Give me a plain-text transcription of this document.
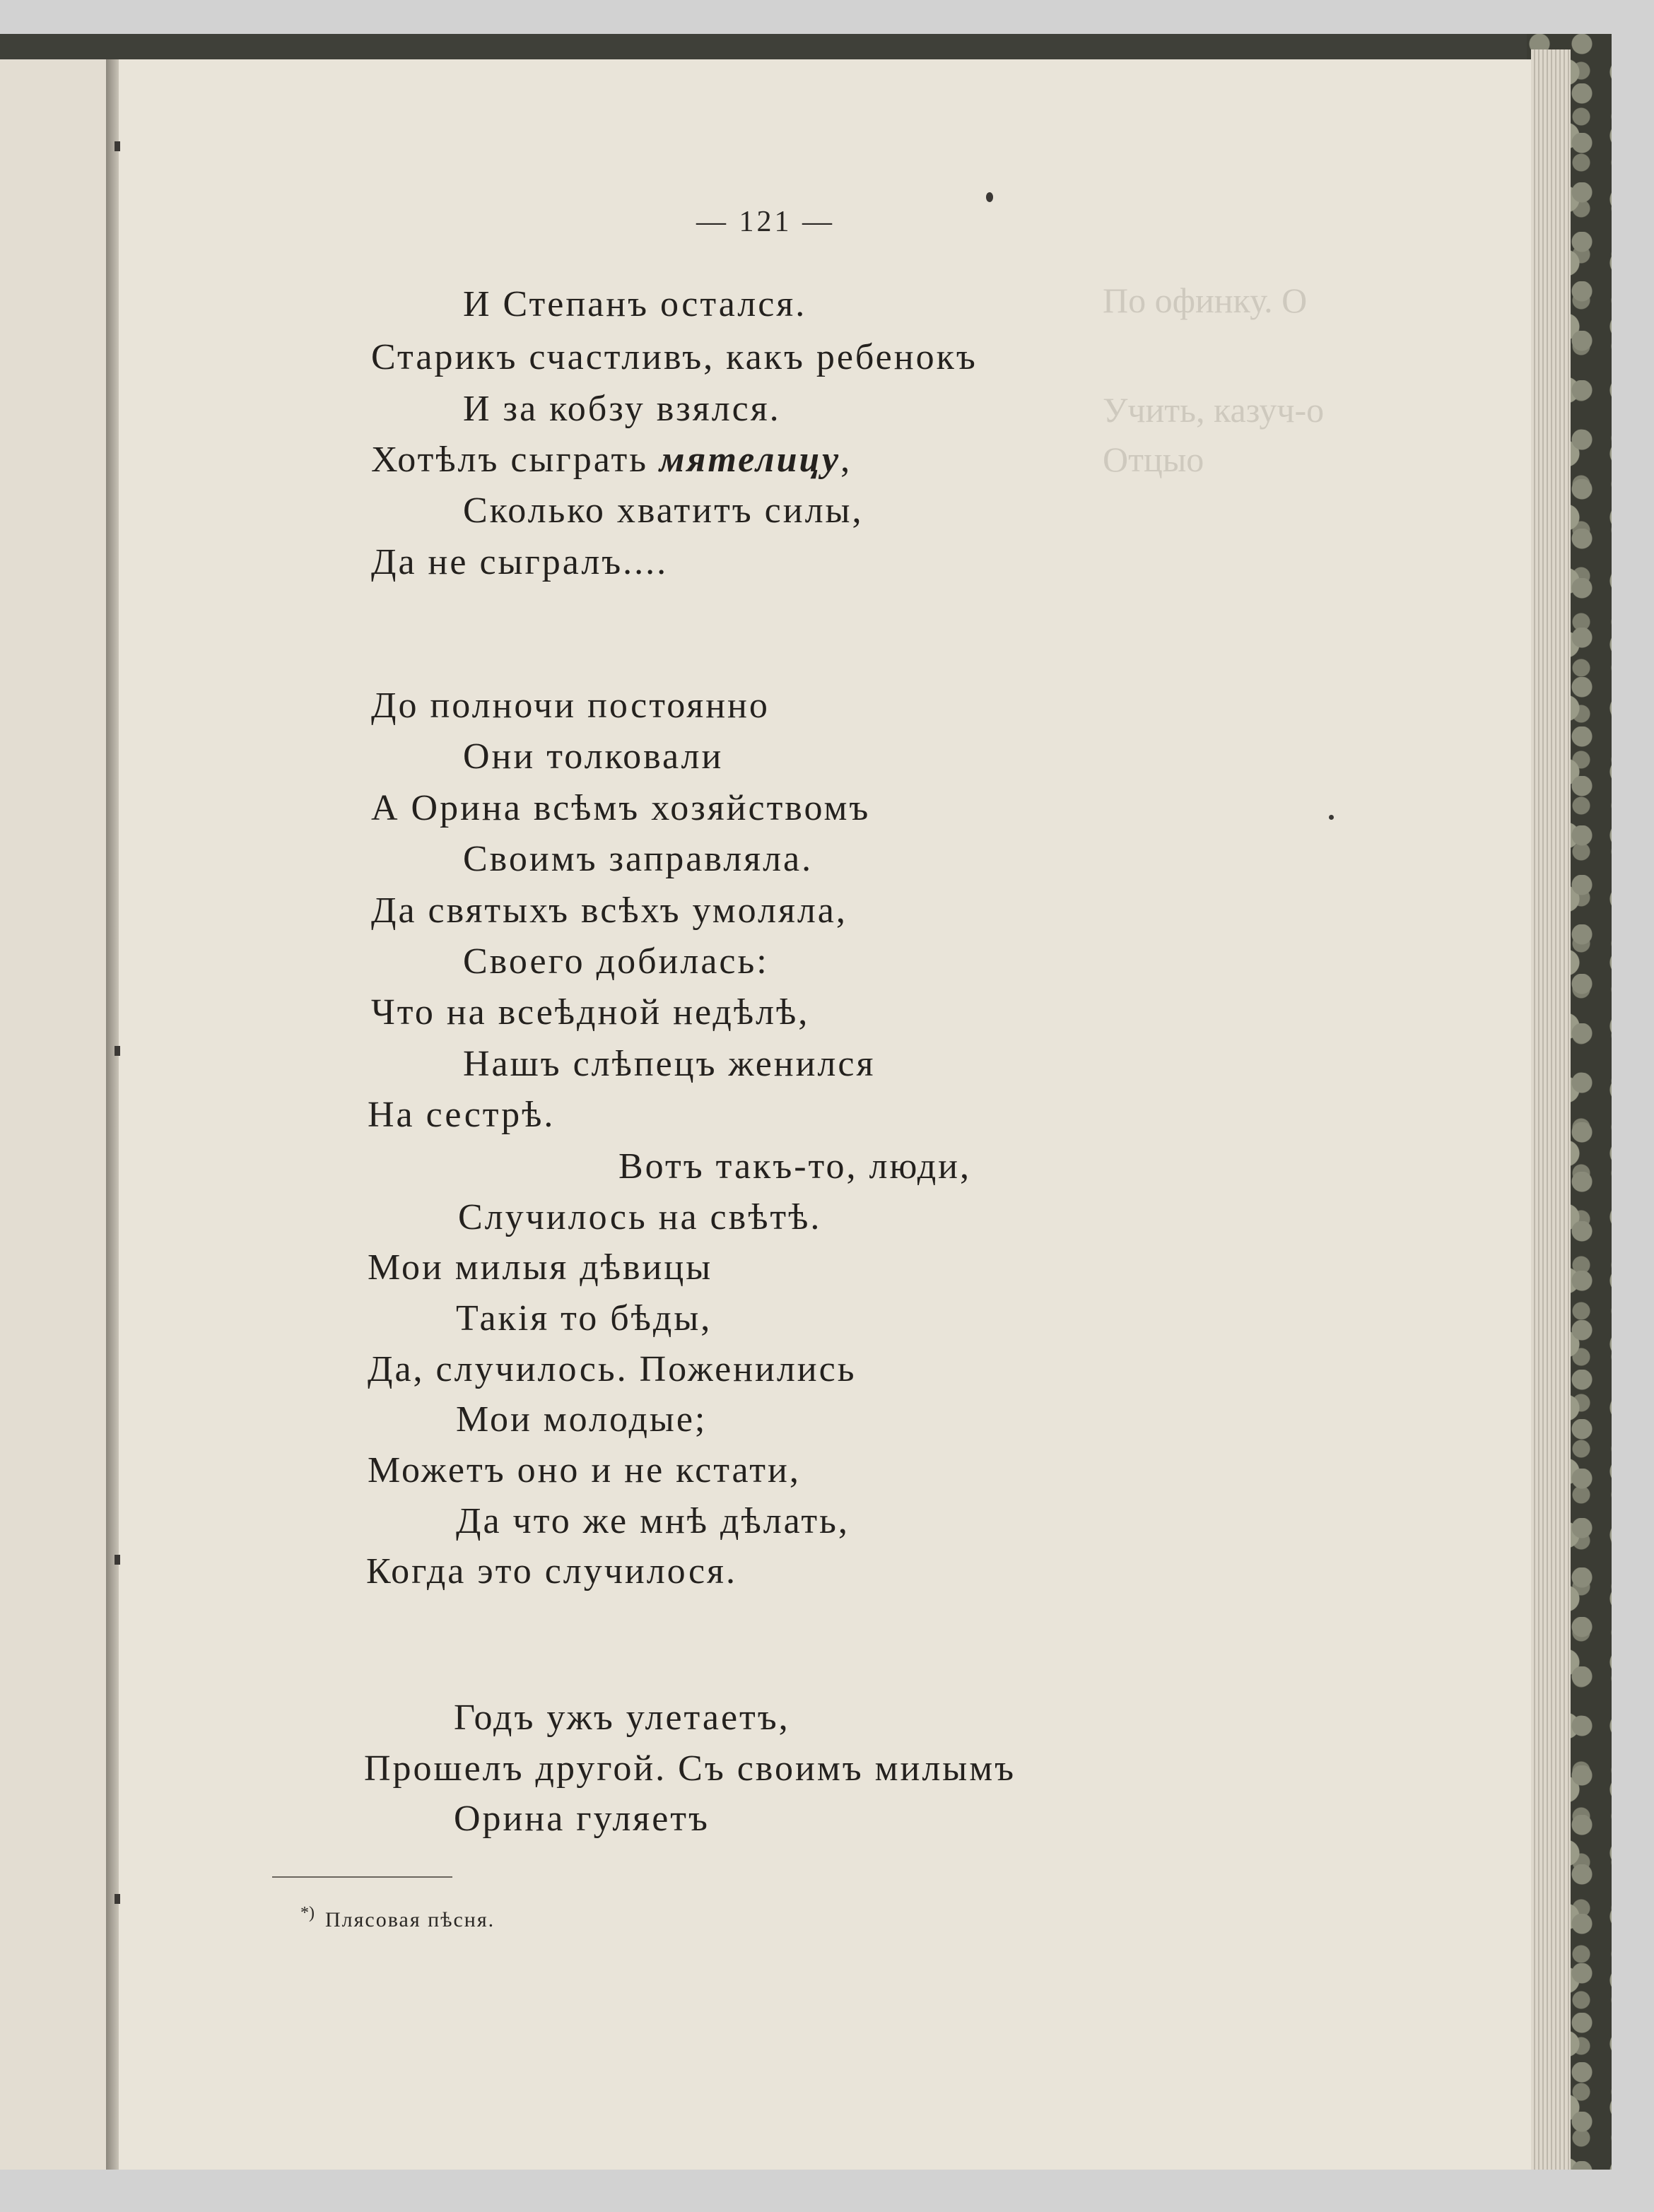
По офинку. О
Учить, казуч-о
Отцыо
— 121 —
И Степанъ остался.
Старикъ счастливъ, какъ ребенокъ
И за кобзу взялся.
Хотѣлъ сыграть мятелицу,
Сколько хватитъ силы,
Да не сыгралъ....
До полночи постоянно
Они толковали
А Орина всѣмъ хозяйствомъ
Своимъ заправляла.
Да святыхъ всѣхъ умоляла,
Своего добилась:
Что на всеѣдной недѣлѣ,
Нашъ слѣпецъ женился
На сестрѣ.
Вотъ такъ-то, люди,
Случилось на свѣтѣ.
Мои милыя дѣвицы
Такія то бѣды,
Да, случилось. Поженились
Мои молодые;
Можетъ оно и не кстати,
Да что же мнѣ дѣлать,
Когда это случилося.
Годъ ужъ улетаетъ,
Прошелъ другой. Съ своимъ милымъ
Орина гуляетъ
*) Плясовая пѣсня.
